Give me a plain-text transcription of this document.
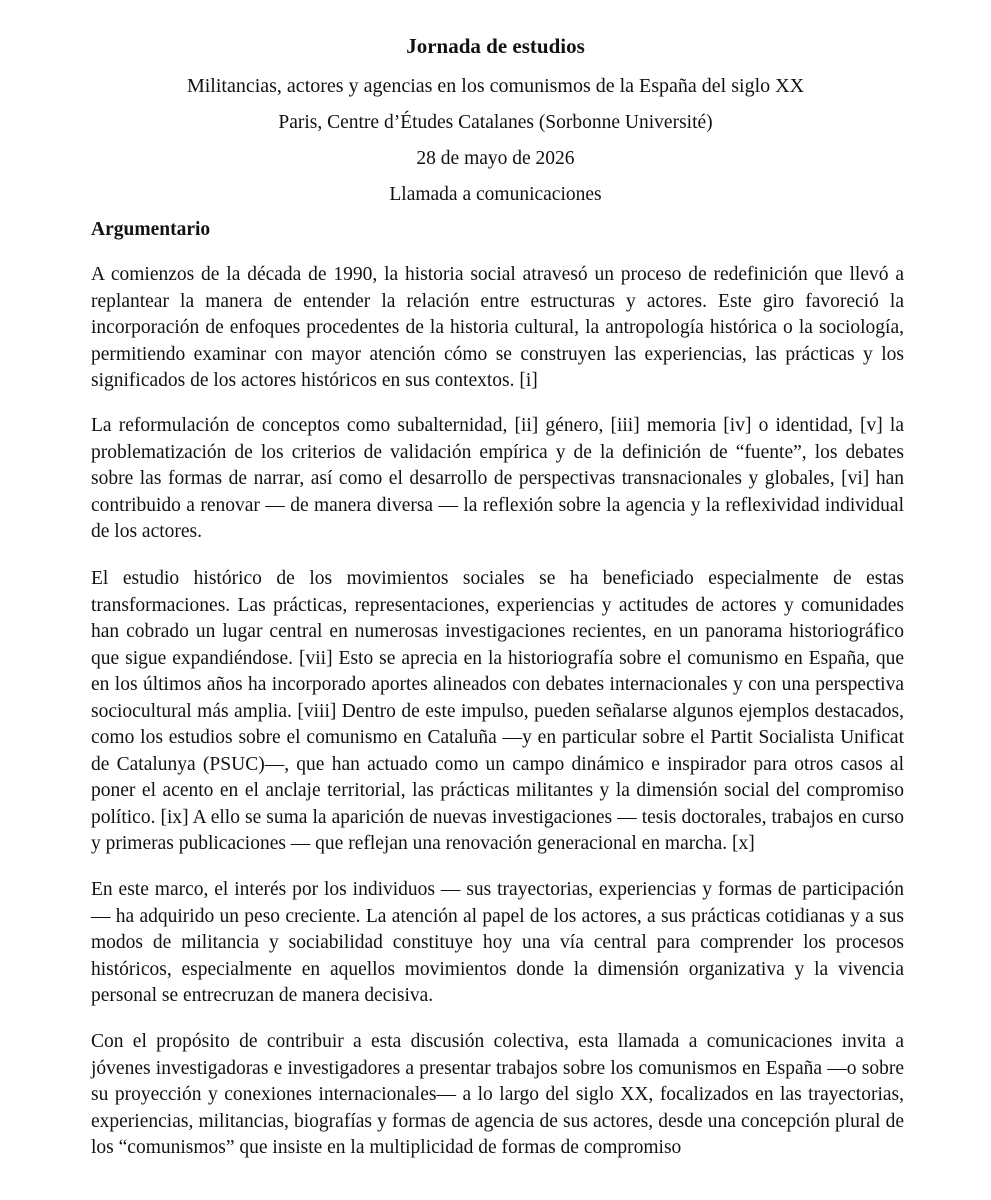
Jornada de estudios
Militancias, actores y agencias en los comunismos de la España del siglo XX
Paris, Centre d’Études Catalanes (Sorbonne Université)
28 de mayo de 2026
Llamada a comunicaciones
Argumentario

A comienzos de la década de 1990, la historia social atravesó un proceso de redefinición que llevó a replantear la manera de entender la relación entre estructuras y actores. Este giro favoreció la incorporación de enfoques procedentes de la historia cultural, la antropología histórica o la sociología, permitiendo examinar con mayor atención cómo se construyen las experiencias, las prácticas y los significados de los actores históricos en sus contextos. [i]

La reformulación de conceptos como subalternidad, [ii] género, [iii] memoria [iv] o identidad, [v] la problematización de los criterios de validación empírica y de la definición de “fuente”, los debates sobre las formas de narrar, así como el desarrollo de perspectivas transnacionales y globales, [vi] han contribuido a renovar — de manera diversa — la reflexión sobre la agencia y la reflexividad individual de los actores.

El estudio histórico de los movimientos sociales se ha beneficiado especialmente de estas transformaciones. Las prácticas, representaciones, experiencias y actitudes de actores y comunidades han cobrado un lugar central en numerosas investigaciones recientes, en un panorama historiográfico que sigue expandiéndose. [vii] Esto se aprecia en la historiografía sobre el comunismo en España, que en los últimos años ha incorporado aportes alineados con debates internacionales y con una perspectiva sociocultural más amplia. [viii] Dentro de este impulso, pueden señalarse algunos ejemplos destacados, como los estudios sobre el comunismo en Cataluña —y en particular sobre el Partit Socialista Unificat de Catalunya (PSUC)—, que han actuado como un campo dinámico e inspirador para otros casos al poner el acento en el anclaje territorial, las prácticas militantes y la dimensión social del compromiso político. [ix] A ello se suma la aparición de nuevas investigaciones — tesis doctorales, trabajos en curso y primeras publicaciones — que reflejan una renovación generacional en marcha. [x]

En este marco, el interés por los individuos — sus trayectorias, experiencias y formas de participación — ha adquirido un peso creciente. La atención al papel de los actores, a sus prácticas cotidianas y a sus modos de militancia y sociabilidad constituye hoy una vía central para comprender los procesos históricos, especialmente en aquellos movimientos donde la dimensión organizativa y la vivencia personal se entrecruzan de manera decisiva.

Con el propósito de contribuir a esta discusión colectiva, esta llamada a comunicaciones invita a jóvenes investigadoras e investigadores a presentar trabajos sobre los comunismos en España —o sobre su proyección y conexiones internacionales— a lo largo del siglo XX, focalizados en las trayectorias, experiencias, militancias, biografías y formas de agencia de sus actores, desde una concepción plural de los “comunismos” que insiste en la multiplicidad de formas de compromiso
